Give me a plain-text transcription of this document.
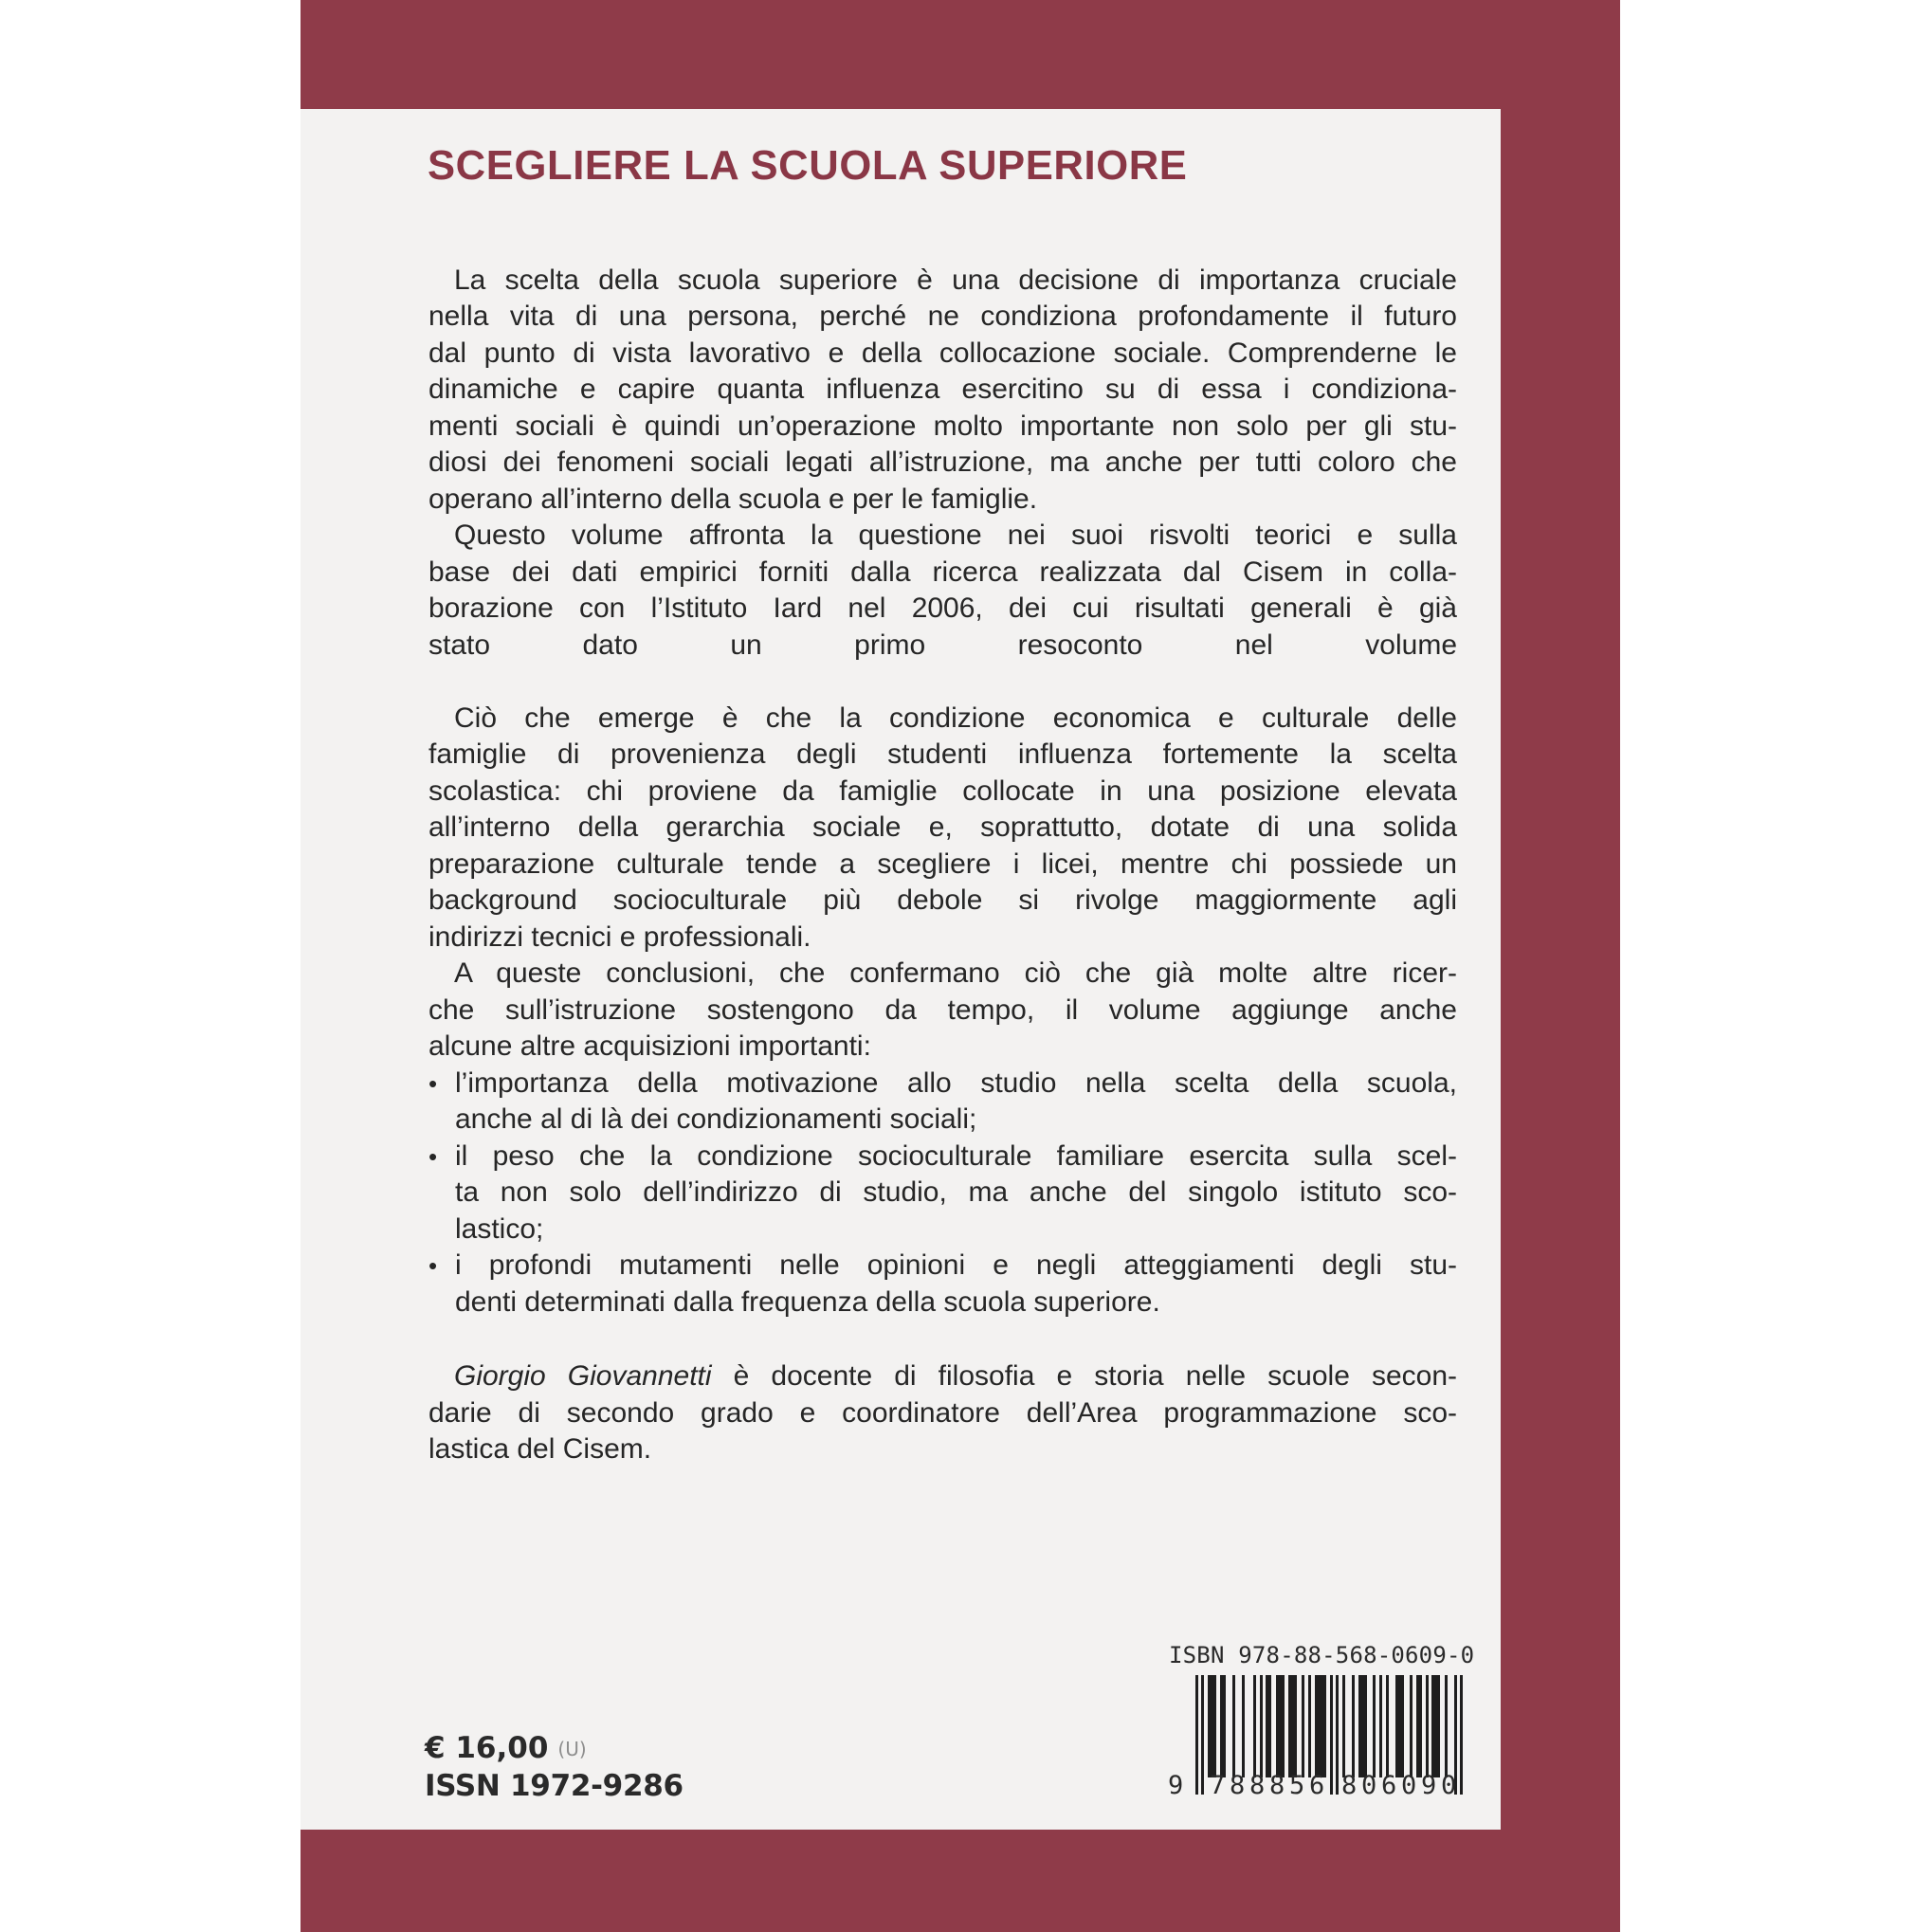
SCEGLIERE LA SCUOLA SUPERIORE
La scelta della scuola superiore è una decisione di importanza cruciale
nella vita di una persona, perché ne condiziona profondamente il futuro
dal punto di vista lavorativo e della collocazione sociale. Comprenderne le
dinamiche e capire quanta influenza esercitino su di essa i condiziona-
menti sociali è quindi un’operazione molto importante non solo per gli stu-
diosi dei fenomeni sociali legati all’istruzione, ma anche per tutti coloro che
operano all’interno della scuola e per le famiglie.
Questo volume affronta la questione nei suoi risvolti teorici e sulla
base dei dati empirici forniti dalla ricerca realizzata dal Cisem in colla-
borazione con l’Istituto Iard nel 2006, dei cui risultati generali è già
stato dato un primo resoconto nel volume
Ciò che emerge è che la condizione economica e culturale delle
famiglie di provenienza degli studenti influenza fortemente la scelta
scolastica: chi proviene da famiglie collocate in una posizione elevata
all’interno della gerarchia sociale e, soprattutto, dotate di una solida
preparazione culturale tende a scegliere i licei, mentre chi possiede un
background socioculturale più debole si rivolge maggiormente agli
indirizzi tecnici e professionali.
A queste conclusioni, che confermano ciò che già molte altre ricer-
che sull’istruzione sostengono da tempo, il volume aggiunge anche
alcune altre acquisizioni importanti:
• l’importanza della motivazione allo studio nella scelta della scuola,
anche al di là dei condizionamenti sociali;
• il peso che la condizione socioculturale familiare esercita sulla scel-
ta non solo dell’indirizzo di studio, ma anche del singolo istituto sco-
lastico;
• i profondi mutamenti nelle opinioni e negli atteggiamenti degli stu-
denti determinati dalla frequenza della scuola superiore.
Giorgio Giovannetti è docente di filosofia e storia nelle scuole secon-
darie di secondo grado e coordinatore dell’Area programmazione sco-
lastica del Cisem.
€ 16,00 (U)
ISSN 1972-9286
ISBN 978-88-568-0609-0
9 7 8 8 8 5 6 8 0 6 0 9 0
